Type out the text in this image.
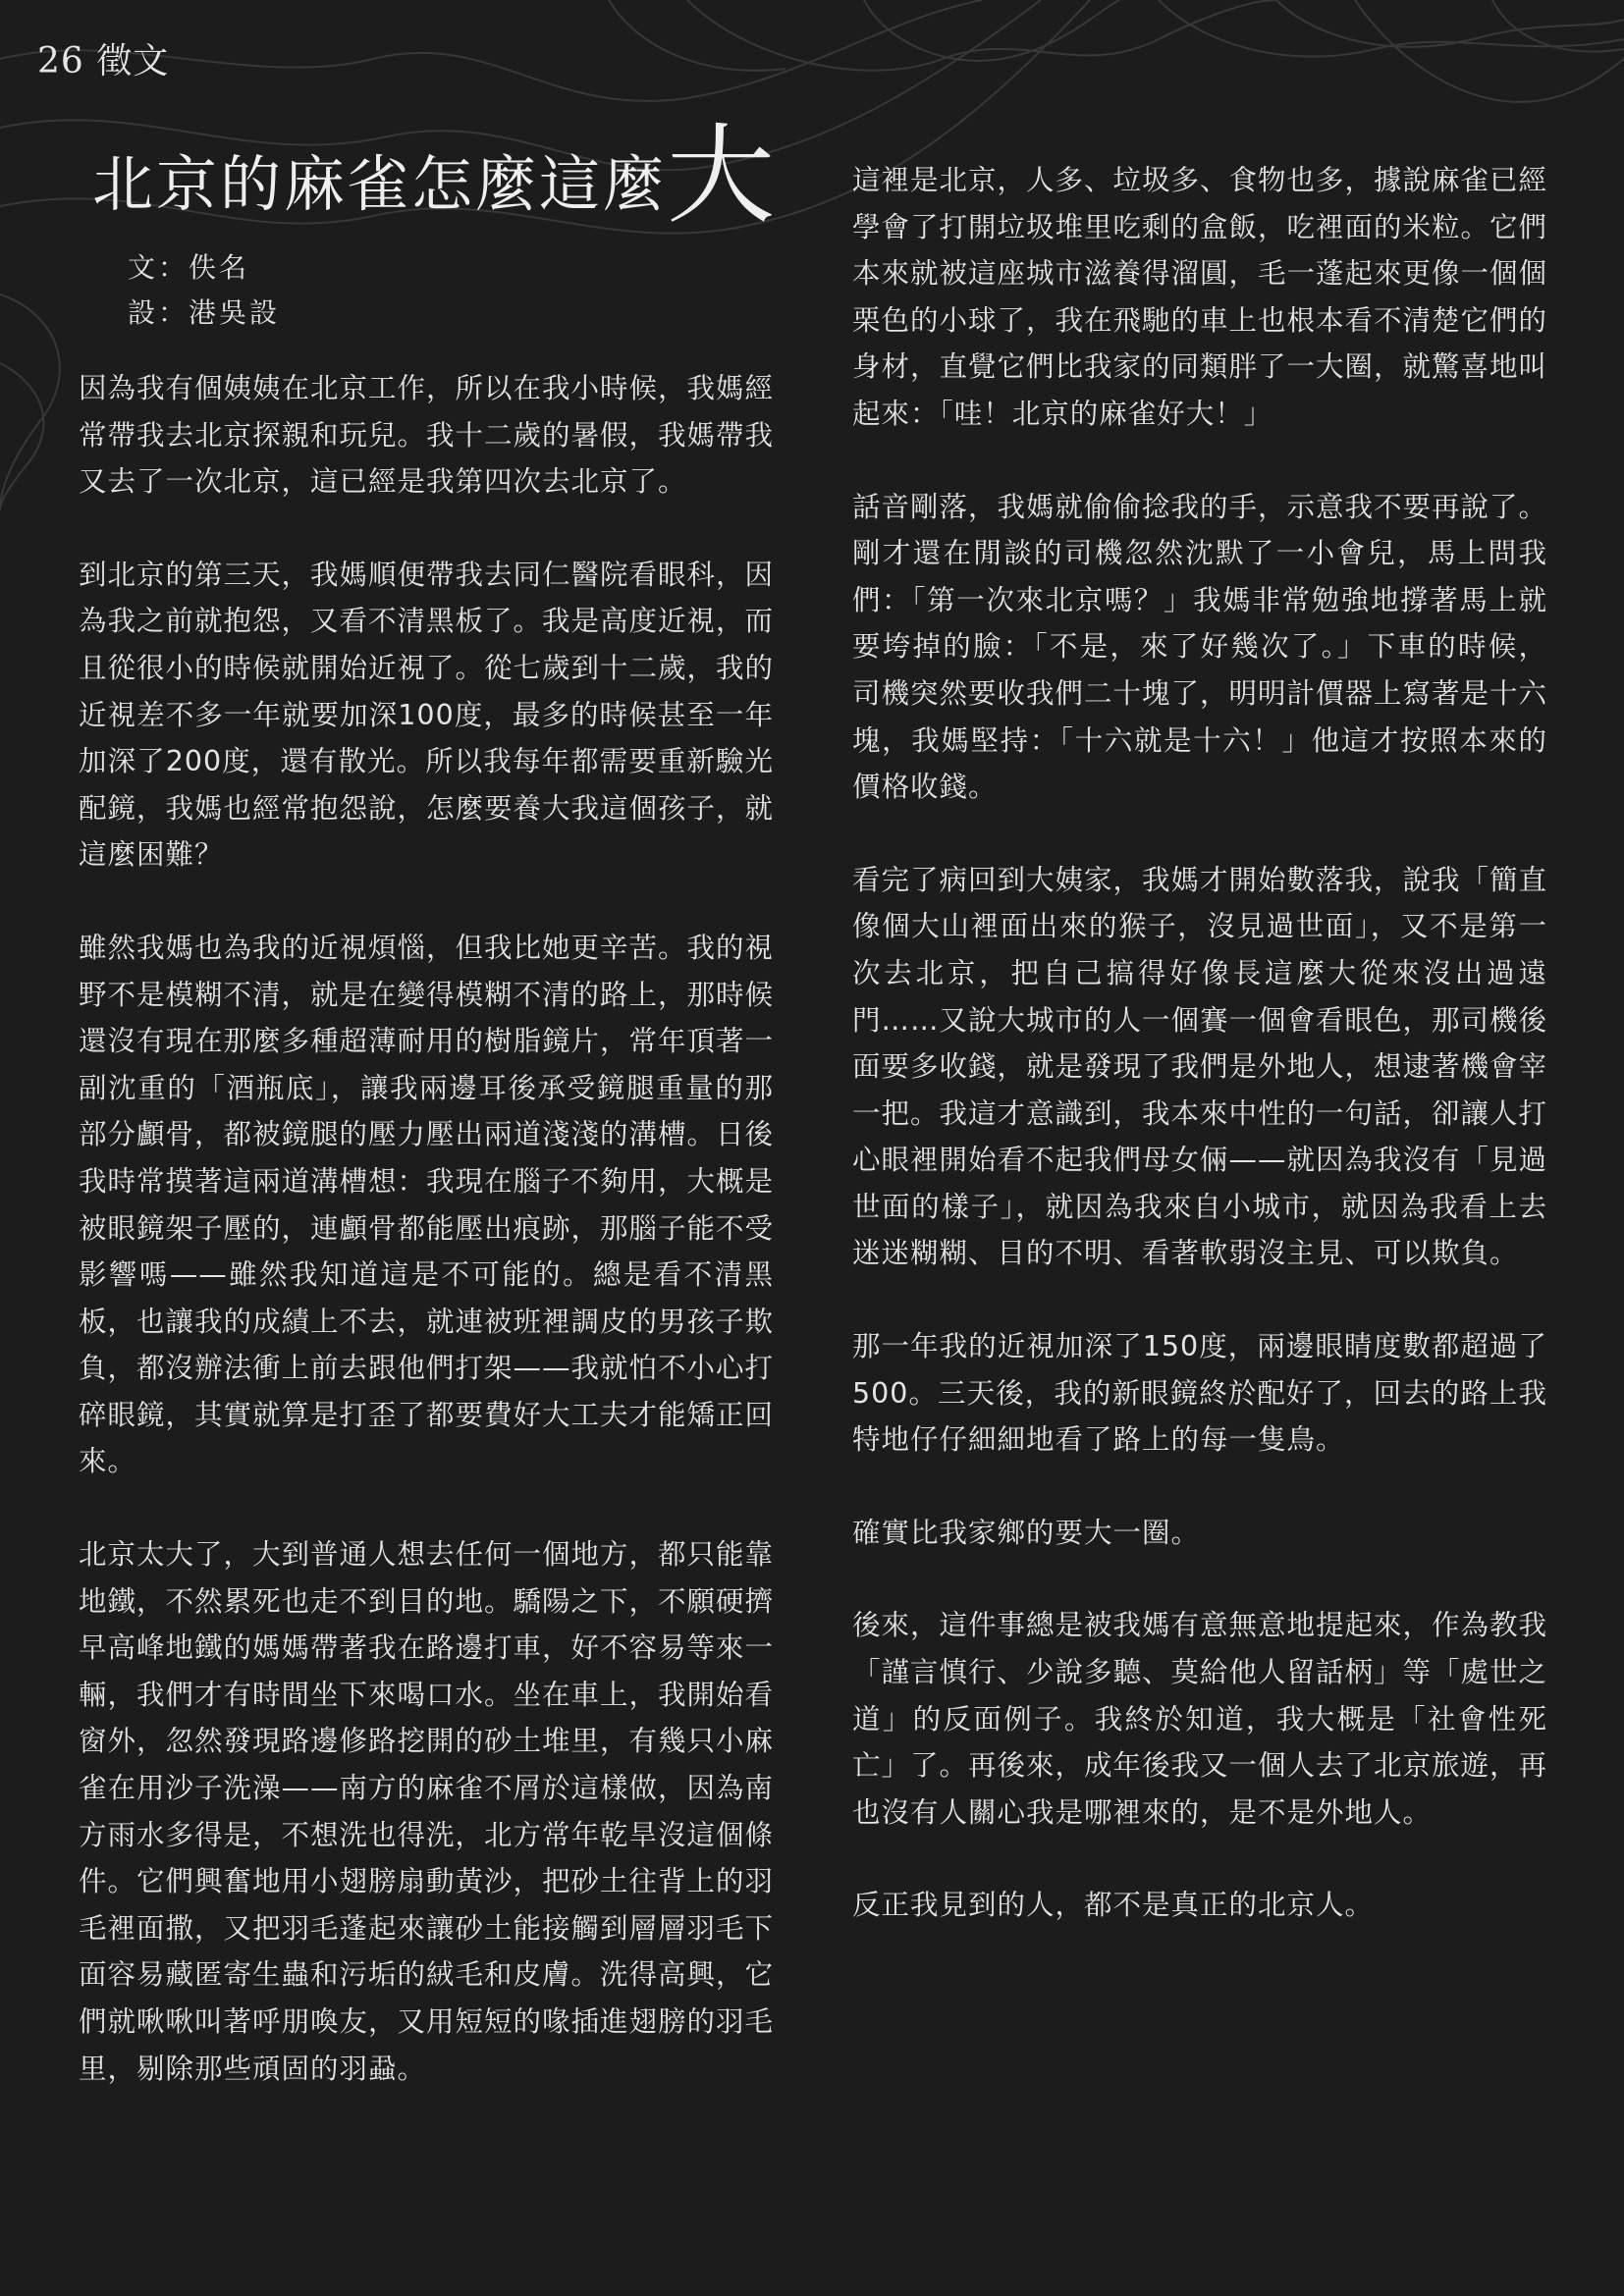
26 徵文
北京的麻雀怎麼這麼大
文：佚名
設：港吳設

因為我有個姨姨在北京工作，所以在我小時候，我媽經常帶我去北京探親和玩兒。我十二歲的暑假，我媽帶我又去了一次北京，這已經是我第四次去北京了。

到北京的第三天，我媽順便帶我去同仁醫院看眼科，因為我之前就抱怨，又看不清黑板了。我是高度近視，而且從很小的時候就開始近視了。從七歲到十二歲，我的近視差不多一年就要加深100度，最多的時候甚至一年加深了200度，還有散光。所以我每年都需要重新驗光配鏡，我媽也經常抱怨說，怎麼要養大我這個孩子，就這麼困難？

雖然我媽也為我的近視煩惱，但我比她更辛苦。我的視野不是模糊不清，就是在變得模糊不清的路上，那時候還沒有現在那麼多種超薄耐用的樹脂鏡片，常年頂著一副沈重的「酒瓶底」，讓我兩邊耳後承受鏡腿重量的那部分顱骨，都被鏡腿的壓力壓出兩道淺淺的溝槽。日後我時常摸著這兩道溝槽想：我現在腦子不夠用，大概是被眼鏡架子壓的，連顱骨都能壓出痕跡，那腦子能不受影響嗎——雖然我知道這是不可能的。總是看不清黑板，也讓我的成績上不去，就連被班裡調皮的男孩子欺負，都沒辦法衝上前去跟他們打架——我就怕不小心打碎眼鏡，其實就算是打歪了都要費好大工夫才能矯正回來。

北京太大了，大到普通人想去任何一個地方，都只能靠地鐵，不然累死也走不到目的地。驕陽之下，不願硬擠早高峰地鐵的媽媽帶著我在路邊打車，好不容易等來一輛，我們才有時間坐下來喝口水。坐在車上，我開始看窗外，忽然發現路邊修路挖開的砂土堆里，有幾只小麻雀在用沙子洗澡——南方的麻雀不屑於這樣做，因為南方雨水多得是，不想洗也得洗，北方常年乾旱沒這個條件。它們興奮地用小翅膀扇動黃沙，把砂土往背上的羽毛裡面撒，又把羽毛蓬起來讓砂土能接觸到層層羽毛下面容易藏匿寄生蟲和污垢的絨毛和皮膚。洗得高興，它們就啾啾叫著呼朋喚友，又用短短的喙插進翅膀的羽毛里，剔除那些頑固的羽蝨。

這裡是北京，人多、垃圾多、食物也多，據說麻雀已經學會了打開垃圾堆里吃剩的盒飯，吃裡面的米粒。它們本來就被這座城市滋養得溜圓，毛一蓬起來更像一個個栗色的小球了，我在飛馳的車上也根本看不清楚它們的身材，直覺它們比我家的同類胖了一大圈，就驚喜地叫起來：「哇！北京的麻雀好大！」

話音剛落，我媽就偷偷捻我的手，示意我不要再說了。剛才還在閒談的司機忽然沈默了一小會兒，馬上問我們：「第一次來北京嗎？」我媽非常勉強地撐著馬上就要垮掉的臉：「不是，來了好幾次了。」下車的時候，司機突然要收我們二十塊了，明明計價器上寫著是十六塊，我媽堅持：「十六就是十六！」他這才按照本來的價格收錢。

看完了病回到大姨家，我媽才開始數落我，說我「簡直像個大山裡面出來的猴子，沒見過世面」，又不是第一次去北京，把自己搞得好像長這麼大從來沒出過遠門……又說大城市的人一個賽一個會看眼色，那司機後面要多收錢，就是發現了我們是外地人，想逮著機會宰一把。我這才意識到，我本來中性的一句話，卻讓人打心眼裡開始看不起我們母女倆——就因為我沒有「見過世面的樣子」，就因為我來自小城市，就因為我看上去迷迷糊糊、目的不明、看著軟弱沒主見、可以欺負。

那一年我的近視加深了150度，兩邊眼睛度數都超過了500。三天後，我的新眼鏡終於配好了，回去的路上我特地仔仔細細地看了路上的每一隻鳥。

確實比我家鄉的要大一圈。

後來，這件事總是被我媽有意無意地提起來，作為教我「謹言慎行、少說多聽、莫給他人留話柄」等「處世之道」的反面例子。我終於知道，我大概是「社會性死亡」了。再後來，成年後我又一個人去了北京旅遊，再也沒有人關心我是哪裡來的，是不是外地人。

反正我見到的人，都不是真正的北京人。
